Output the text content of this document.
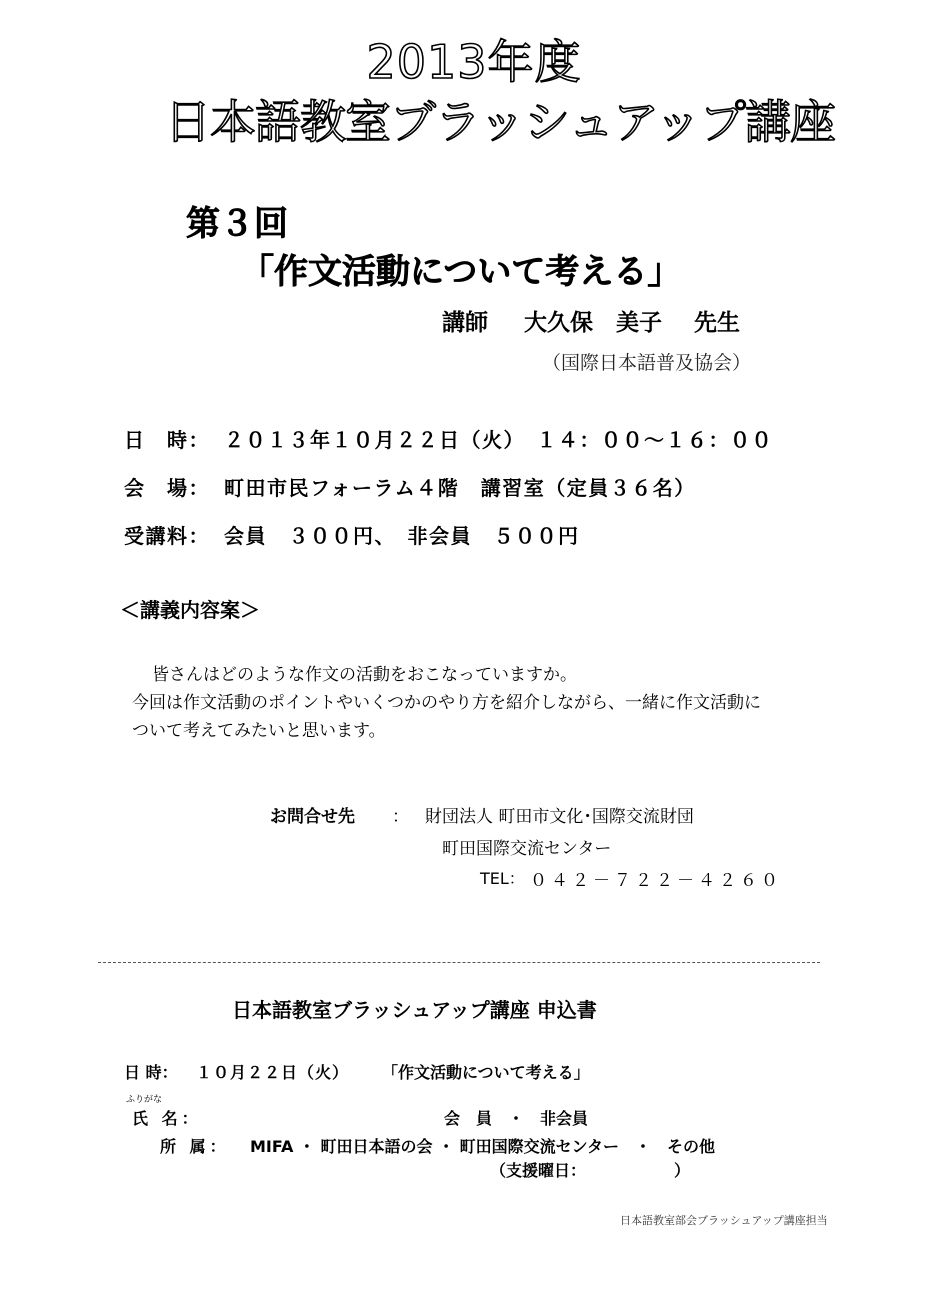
2013年度
日本語教室ブラッシュアップ講座
第３回
「作文活動について考える」
講師 大久保　美子 先生
（国際日本語普及協会）
日　時： ２０１３年１０月２２日（火）　１４：００～１６：００
会　場： 町田市民フォーラム４階　講習室（定員３６名）
受講料： 会員　３００円、　非会員　５００円
＜講義内容案＞
皆さんはどのような作文の活動をおこなっていますか。
今回は作文活動のポイントやいくつかのやり方を紹介しながら、一緒に作文活動に
ついて考えてみたいと思います。
お問合せ先 ： 財団法人 町田市文化･国際交流財団
町田国際交流センター
TEL： ０４２－７２２－４２６０
日本語教室ブラッシュアップ講座 申込書
日 時： １０月２２日（火） 「作文活動について考える」
ふりがな
氏 名：	会　員　・　非会員
所 属： MIFA ・ 町田日本語の会 ・ 町田国際交流センター　・　その他
（支援曜日：　　　　　　）
日本語教室部会ブラッシュアップ講座担当
